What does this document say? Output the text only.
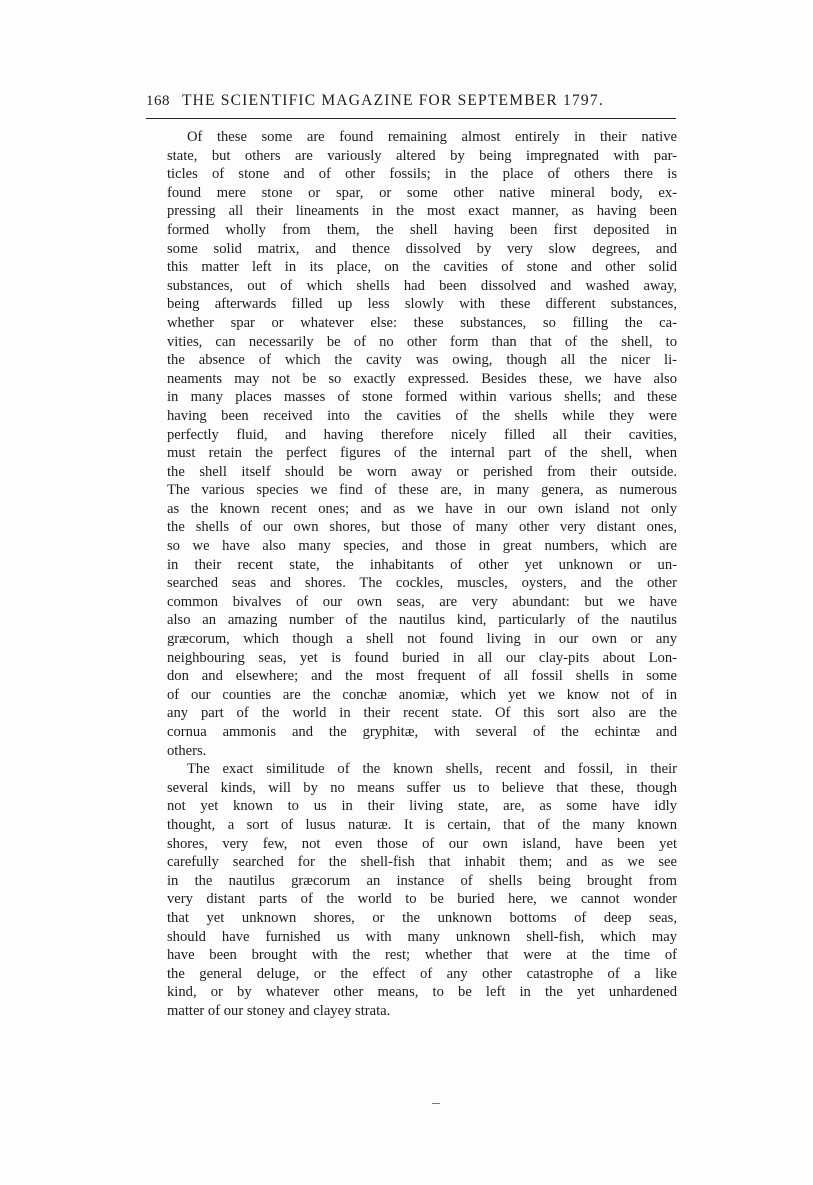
168 THE SCIENTIFIC MAGAZINE FOR SEPTEMBER 1797.

Of these some are found remaining almost entirely in their native
state, but others are variously altered by being impregnated with par-
ticles of stone and of other fossils; in the place of others there is
found mere stone or spar, or some other native mineral body, ex-
pressing all their lineaments in the most exact manner, as having been
formed wholly from them, the shell having been first deposited in
some solid matrix, and thence dissolved by very slow degrees, and
this matter left in its place, on the cavities of stone and other solid
substances, out of which shells had been dissolved and washed away,
being afterwards filled up less slowly with these different substances,
whether spar or whatever else: these substances, so filling the ca-
vities, can necessarily be of no other form than that of the shell, to
the absence of which the cavity was owing, though all the nicer li-
neaments may not be so exactly expressed. Besides these, we have also
in many places masses of stone formed within various shells; and these
having been received into the cavities of the shells while they were
perfectly fluid, and having therefore nicely filled all their cavities,
must retain the perfect figures of the internal part of the shell, when
the shell itself should be worn away or perished from their outside.
The various species we find of these are, in many genera, as numerous
as the known recent ones; and as we have in our own island not only
the shells of our own shores, but those of many other very distant ones,
so we have also many species, and those in great numbers, which are
in their recent state, the inhabitants of other yet unknown or un-
searched seas and shores. The cockles, muscles, oysters, and the other
common bivalves of our own seas, are very abundant: but we have
also an amazing number of the nautilus kind, particularly of the nautilus
græcorum, which though a shell not found living in our own or any
neighbouring seas, yet is found buried in all our clay-pits about Lon-
don and elsewhere; and the most frequent of all fossil shells in some
of our counties are the conchæ anomiæ, which yet we know not of in
any part of the world in their recent state. Of this sort also are the
cornua ammonis and the gryphitæ, with several of the echintæ and
others.

The exact similitude of the known shells, recent and fossil, in their
several kinds, will by no means suffer us to believe that these, though
not yet known to us in their living state, are, as some have idly
thought, a sort of lusus naturæ. It is certain, that of the many known
shores, very few, not even those of our own island, have been yet
carefully searched for the shell-fish that inhabit them; and as we see
in the nautilus græcorum an instance of shells being brought from
very distant parts of the world to be buried here, we cannot wonder
that yet unknown shores, or the unknown bottoms of deep seas,
should have furnished us with many unknown shell-fish, which may
have been brought with the rest; whether that were at the time of
the general deluge, or the effect of any other catastrophe of a like
kind, or by whatever other means, to be left in the yet unhardened
matter of our stoney and clayey strata.
